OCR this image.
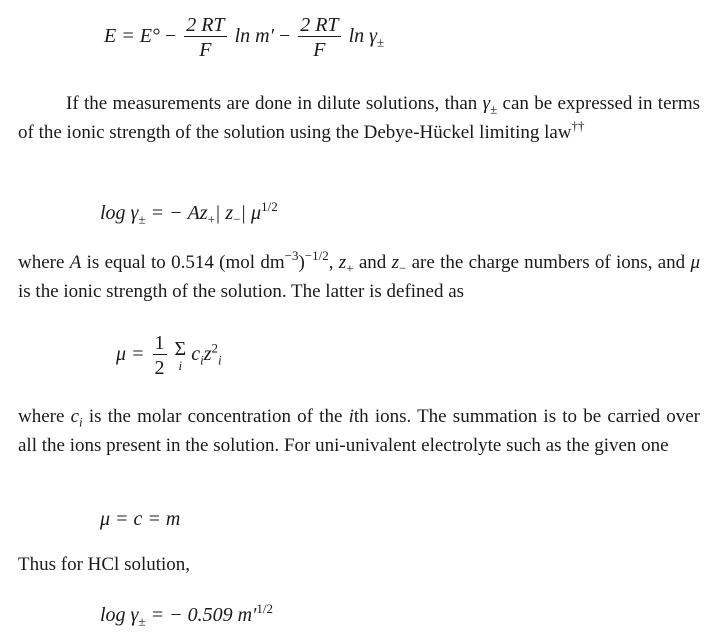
$E = E^\circ - \frac{2 RT}{F}$ $\ln m' - \frac{2 RT}{F}$ $\ln \gamma_\pm$
If the measurements are done in dilute solutions, than $\gamma_\pm$ can be expressed in terms of the ionic strength of the solution using the Debye-Hückel limiting law††
$\log \gamma_\pm$ = − $Az_+|$ $z_-|$ $\mu^{1/2}$
where A is equal to 0.514 (mol $dm^{-3})^{-1/2}$, $z_+$ and $z_-$ are the charge numbers of ions, and μ is the ionic strength of the solution. The latter is defined as
$\mu = \frac{1}{2}$
Σ
i
$c_iz^2_i$
where $c_i$ is the molar concentration of the ith ions. The summation is to be carried over all the ions present in the solution. For uni-univalent electrolyte such as the given one
μ = c = m
Thus for HCl solution,
$\log \gamma_\pm$ = − 0.509 $m'^{1/2}$
